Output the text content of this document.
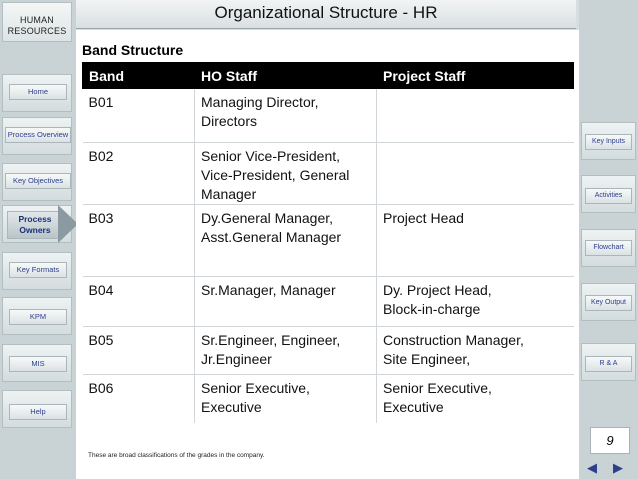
HUMAN
RESOURCES
Home
Process Overview
Key Objectives
Process
Owners
Key Formats
KPM
MIS
Help
Organizational Structure - HR
Key Inputs
Activities
Flowchart
Key Output
R & A
Band Structure
Band	HO Staff	Project Staff
B01	Managing Director,
Directors	
B02	Senior Vice-President,
Vice-President, General
Manager	
B03	Dy.General Manager,
Asst.General Manager	Project Head
B04	Sr.Manager, Manager	Dy. Project Head,
Block-in-charge
B05	Sr.Engineer, Engineer,
Jr.Engineer	Construction Manager,
Site Engineer,
B06	Senior Executive,
Executive	Senior Executive,
Executive
These are broad classifications of the grades in the company.
9
◀ ▶
